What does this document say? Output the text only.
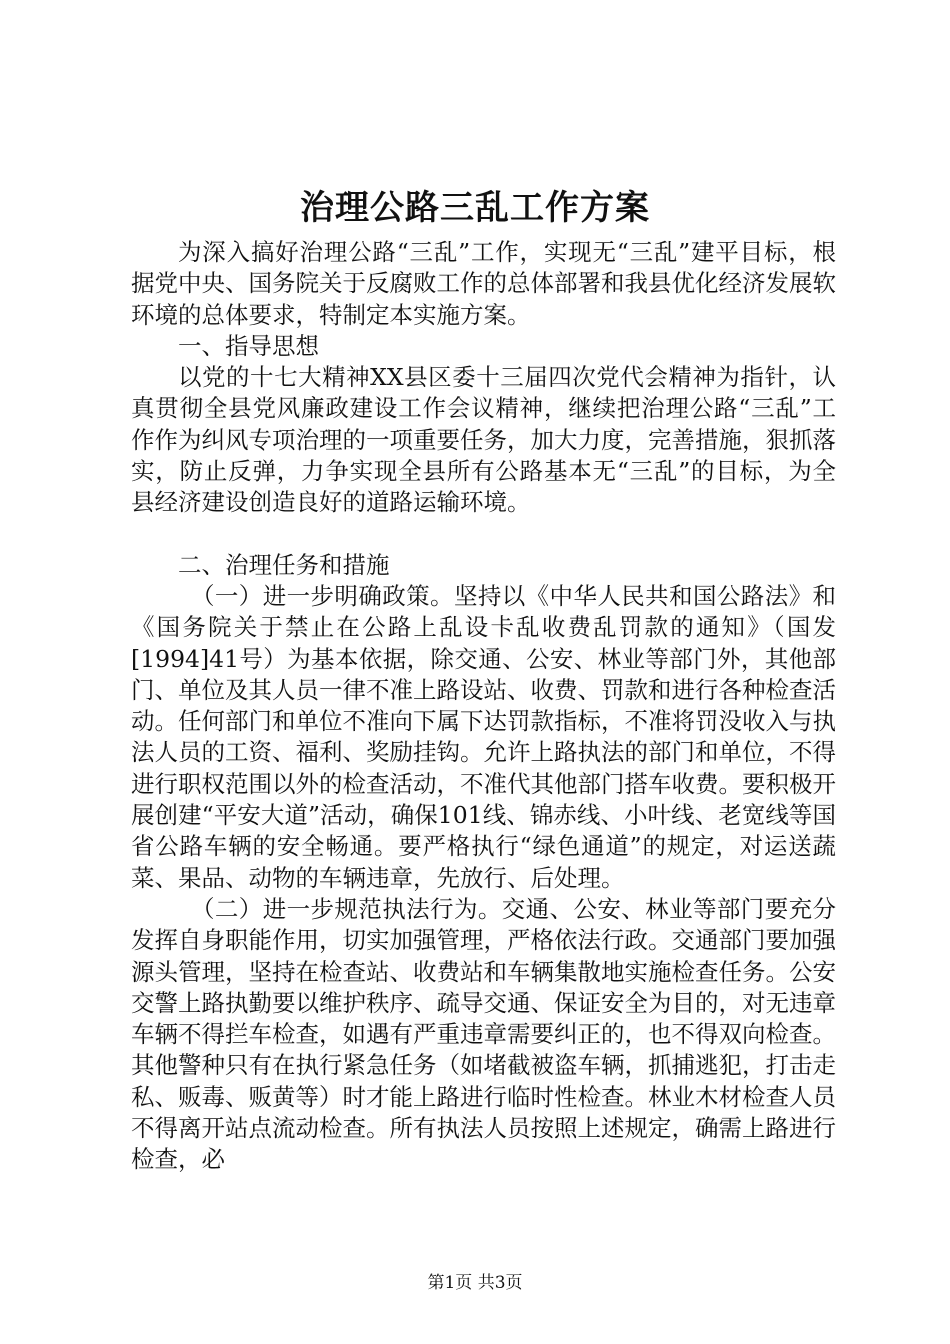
治理公路三乱工作方案

为深入搞好治理公路“三乱”工作，实现无“三乱”建平目标，根据党中央、国务院关于反腐败工作的总体部署和我县优化经济发展软环境的总体要求，特制定本实施方案。

一、指导思想

以党的十七大精神XX县区委十三届四次党代会精神为指针，认真贯彻全县党风廉政建设工作会议精神，继续把治理公路“三乱”工作作为纠风专项治理的一项重要任务，加大力度，完善措施，狠抓落实，防止反弹，力争实现全县所有公路基本无“三乱”的目标，为全县经济建设创造良好的道路运输环境。

二、治理任务和措施

（一）进一步明确政策。坚持以《中华人民共和国公路法》和《国务院关于禁止在公路上乱设卡乱收费乱罚款的通知》（国发[1994]41号）为基本依据，除交通、公安、林业等部门外，其他部门、单位及其人员一律不准上路设站、收费、罚款和进行各种检查活动。任何部门和单位不准向下属下达罚款指标，不准将罚没收入与执法人员的工资、福利、奖励挂钩。允许上路执法的部门和单位，不得进行职权范围以外的检查活动，不准代其他部门搭车收费。要积极开展创建“平安大道”活动，确保101线、锦赤线、小叶线、老宽线等国省公路车辆的安全畅通。要严格执行“绿色通道”的规定，对运送蔬菜、果品、动物的车辆违章，先放行、后处理。

（二）进一步规范执法行为。交通、公安、林业等部门要充分发挥自身职能作用，切实加强管理，严格依法行政。交通部门要加强源头管理，坚持在检查站、收费站和车辆集散地实施检查任务。公安交警上路执勤要以维护秩序、疏导交通、保证安全为目的，对无违章车辆不得拦车检查，如遇有严重违章需要纠正的，也不得双向检查。其他警种只有在执行紧急任务（如堵截被盗车辆，抓捕逃犯，打击走私、贩毒、贩黄等）时才能上路进行临时性检查。林业木材检查人员不得离开站点流动检查。所有执法人员按照上述规定，确需上路进行检查，必

第1页 共3页
